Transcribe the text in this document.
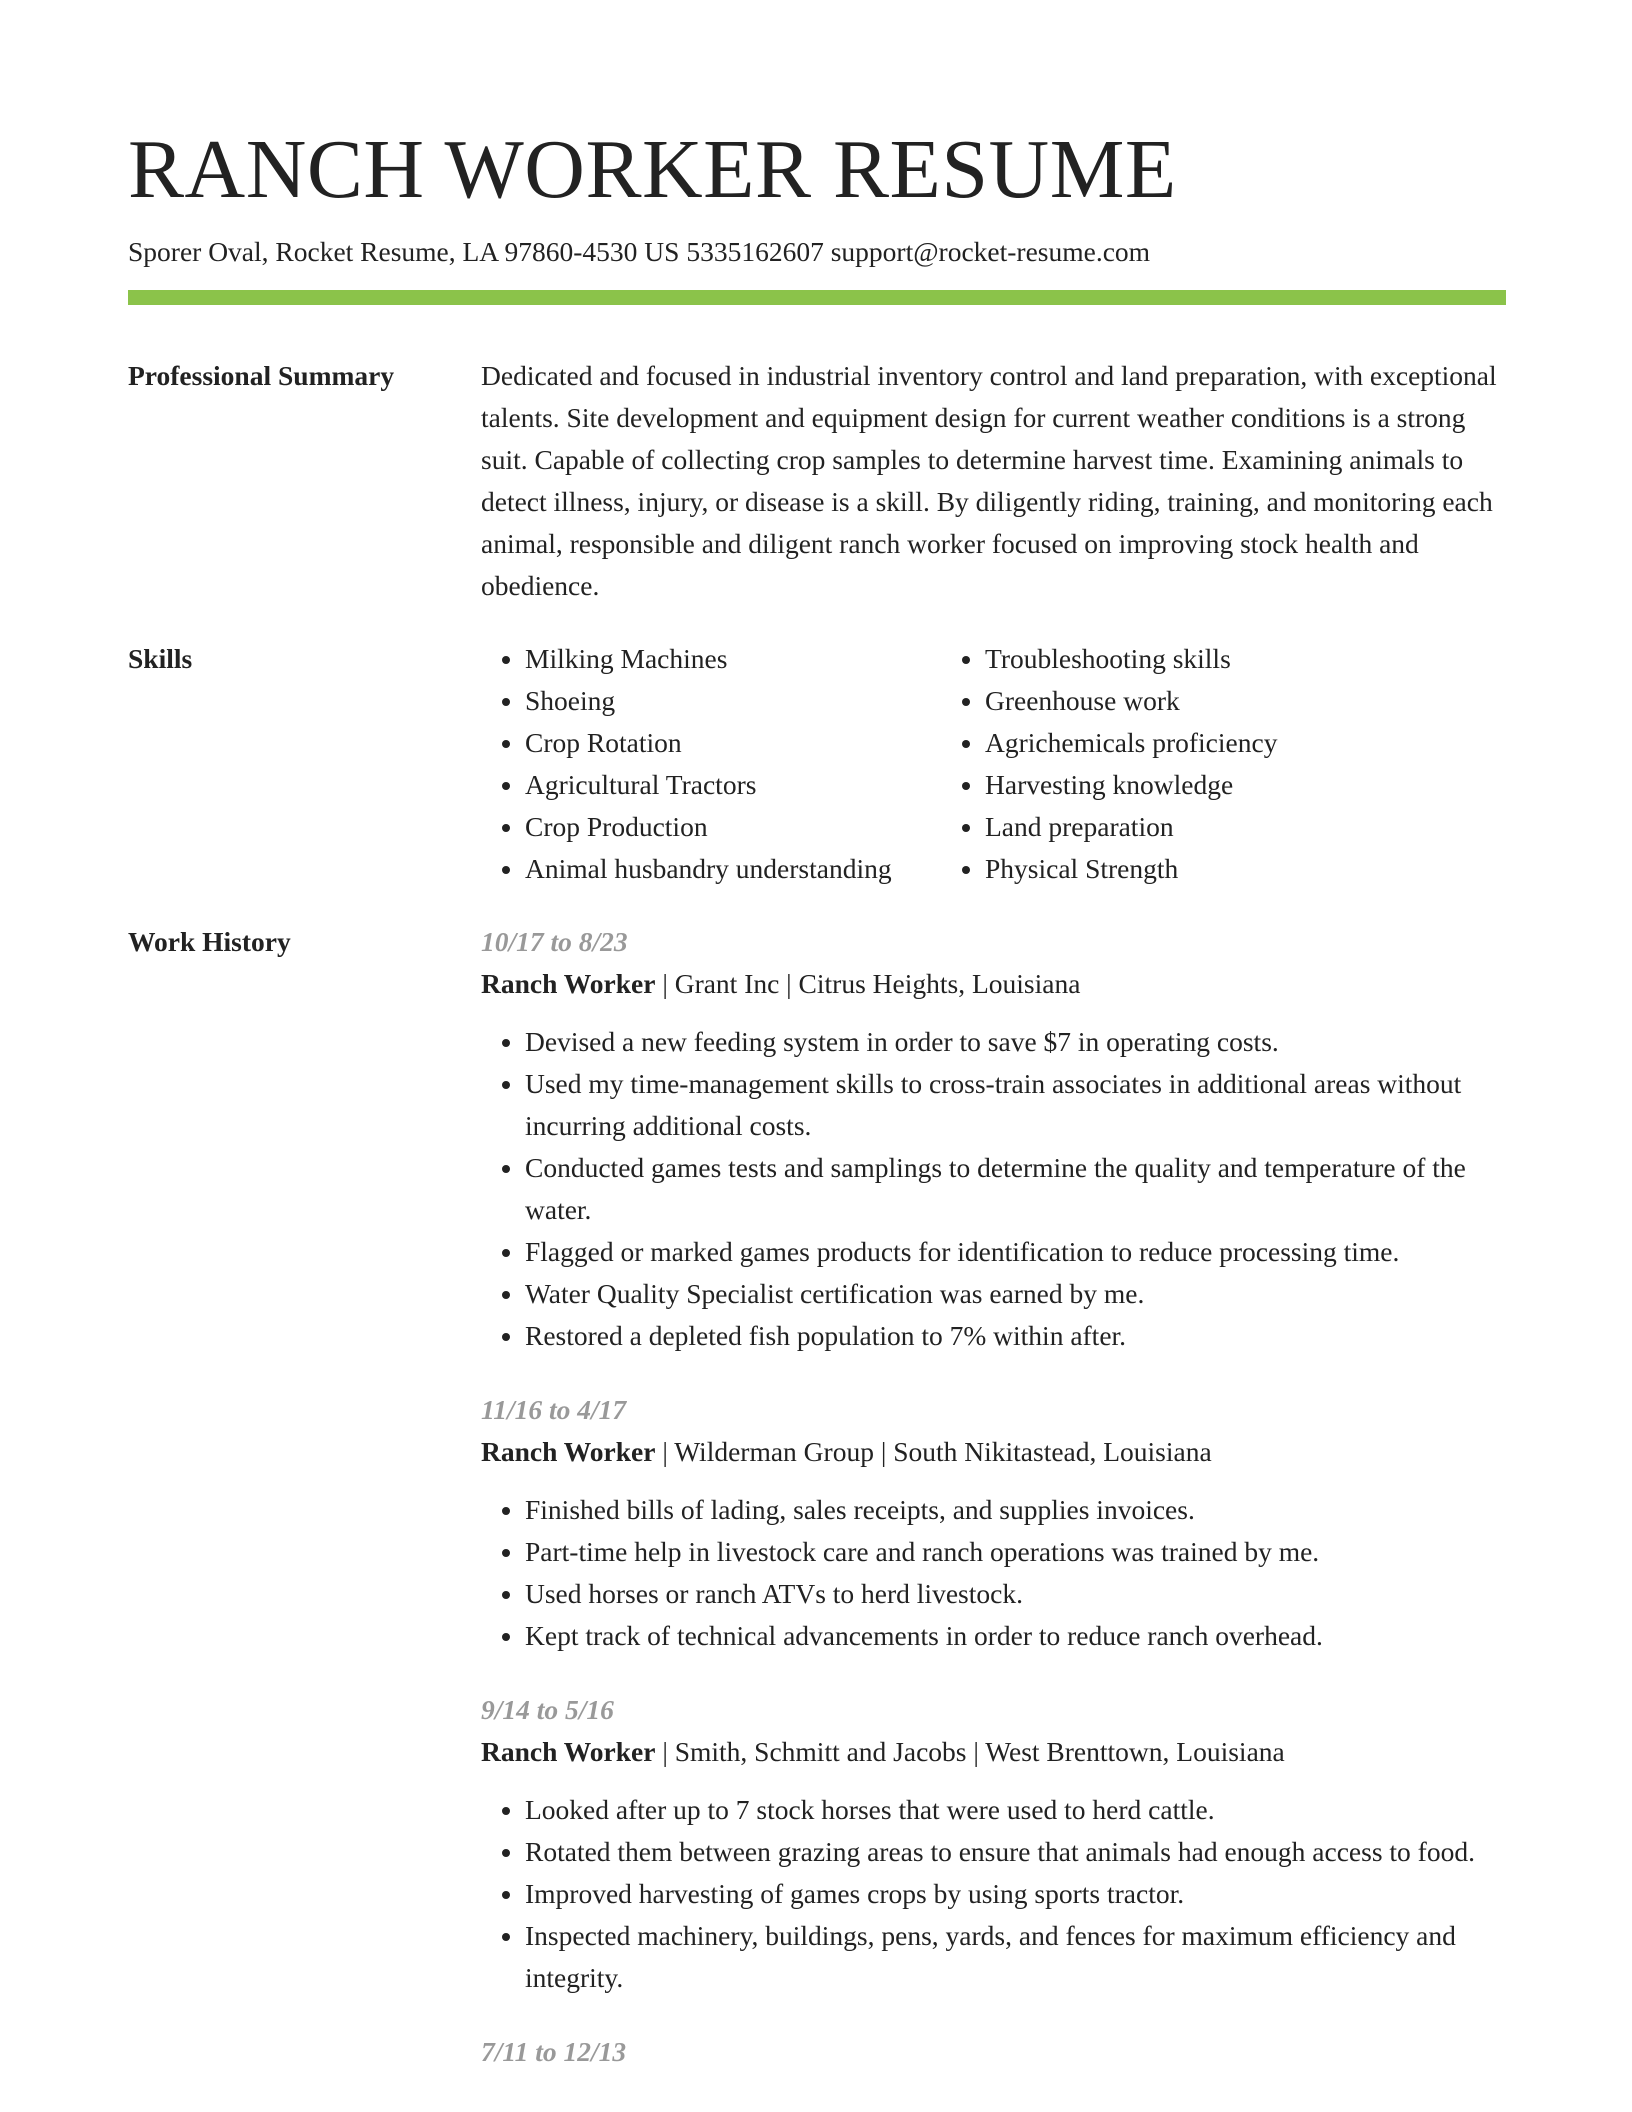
RANCH WORKER RESUME
Sporer Oval, Rocket Resume, LA 97860-4530 US 5335162607 support@rocket-resume.com
Professional Summary	Dedicated and focused in industrial inventory control and land preparation, with exceptional talents. Site development and equipment design for current weather conditions is a strong suit. Capable of collecting crop samples to determine harvest time. Examining animals to detect illness, injury, or disease is a skill. By diligently riding, training, and monitoring each animal, responsible and diligent ranch worker focused on improving stock health and obedience.

Skills
•	Milking Machines
• Shoeing
• Crop Rotation
• Agricultural Tractors
• Crop Production
• Animal husbandry understanding
• Troubleshooting skills
• Greenhouse work
• Agrichemicals proficiency
• Harvesting knowledge
• Land preparation
• Physical Strength
Work History	10/17 to 8/23
Ranch Worker | Grant Inc | Citrus Heights, Louisiana
• Devised a new feeding system in order to save $7 in operating costs.
• Used my time-management skills to cross-train associates in additional areas without incurring additional costs.
• Conducted games tests and samplings to determine the quality and temperature of the water.
• Flagged or marked games products for identification to reduce processing time.
• Water Quality Specialist certification was earned by me.
• Restored a depleted fish population to 7% within after.
11/16 to 4/17
Ranch Worker | Wilderman Group | South Nikitastead, Louisiana
• Finished bills of lading, sales receipts, and supplies invoices.
• Part-time help in livestock care and ranch operations was trained by me.
• Used horses or ranch ATVs to herd livestock.
• Kept track of technical advancements in order to reduce ranch overhead.
9/14 to 5/16
Ranch Worker | Smith, Schmitt and Jacobs | West Brenttown, Louisiana
• Looked after up to 7 stock horses that were used to herd cattle.
• Rotated them between grazing areas to ensure that animals had enough access to food.
• Improved harvesting of games crops by using sports tractor.
• Inspected machinery, buildings, pens, yards, and fences for maximum efficiency and integrity.
7/11 to 12/13
